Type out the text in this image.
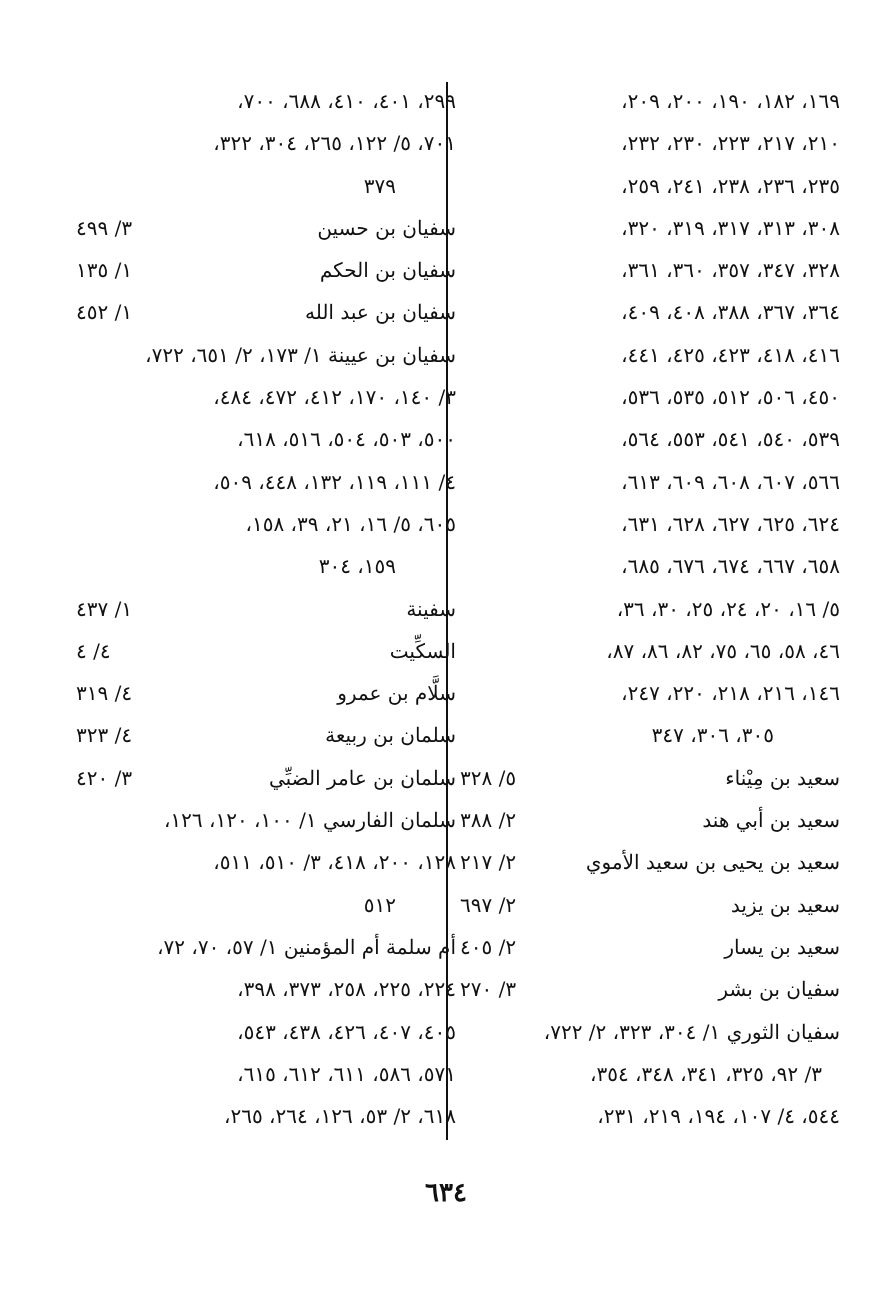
١٦٩، ١٨٢، ١٩٠، ٢٠٠، ٢٠٩،
٢١٠، ٢١٧، ٢٢٣، ٢٣٠، ٢٣٢،
٢٣٥، ٢٣٦، ٢٣٨، ٢٤١، ٢٥٩،
٣٠٨، ٣١٣، ٣١٧، ٣١٩، ٣٢٠،
٣٢٨، ٣٤٧، ٣٥٧، ٣٦٠، ٣٦١،
٣٦٤، ٣٦٧، ٣٨٨، ٤٠٨، ٤٠٩،
٤١٦، ٤١٨، ٤٢٣، ٤٢٥، ٤٤١،
٤٥٠، ٥٠٦، ٥١٢، ٥٣٥، ٥٣٦،
٥٣٩، ٥٤٠، ٥٤١، ٥٥٣، ٥٦٤،
٥٦٦، ٦٠٧، ٦٠٨، ٦٠٩، ٦١٣،
٦٢٤، ٦٢٥، ٦٢٧، ٦٢٨، ٦٣١،
٦٥٨، ٦٦٧، ٦٧٤، ٦٧٦، ٦٨٥،
٥/ ١٦، ٢٠، ٢٤، ٢٥، ٣٠، ٣٦،
٤٦، ٥٨، ٦٥، ٧٥، ٨٢، ٨٦، ٨٧،
١٤٦، ٢١٦، ٢١٨، ٢٢٠، ٢٤٧،
٣٠٥، ٣٠٦، ٣٤٧
سعيد بن مِيْناء
٥/ ٣٢٨
سعيد بن أبي هند
٢/ ٣٨٨
سعيد بن يحيى بن سعيد الأموي
٢/ ٢١٧
سعيد بن يزيد
٢/ ٦٩٧
سعيد بن يسار
٢/ ٤٠٥
سفيان بن بشر
٣/ ٢٧٠
سفيان الثوري ١/ ٣٠٤، ٣٢٣، ٢/ ٧٢٢،
٣/ ٩٢، ٣٢٥، ٣٤١، ٣٤٨، ٣٥٤،
٥٤٤، ٤/ ١٠٧، ١٩٤، ٢١٩، ٢٣١،
٢٩٩، ٤٠١، ٤١٠، ٦٨٨، ٧٠٠،
٧٠١، ٥/ ١٢٢، ٢٦٥، ٣٠٤، ٣٢٢،
٣٧٩
سفيان بن حسين
٣/ ٤٩٩
سفيان بن الحكم
١/ ١٣٥
سفيان بن عبد الله
١/ ٤٥٢
سفيان بن عيينة ١/ ١٧٣، ٢/ ٦٥١، ٧٢٢،
٣/ ١٤٠، ١٧٠، ٤١٢، ٤٧٢، ٤٨٤،
٥٠٠، ٥٠٣، ٥٠٤، ٥١٦، ٦١٨،
٤/ ١١١، ١١٩، ١٣٢، ٤٤٨، ٥٠٩،
٦٠٥، ٥/ ١٦، ٢١، ٣٩، ١٥٨،
١٥٩، ٣٠٤
سفينة
١/ ٤٣٧
السكِّيت
٤/ ٤
سلَّام بن عمرو
٤/ ٣١٩
سلمان بن ربيعة
٤/ ٣٢٣
سلمان بن عامر الضبِّي
٣/ ٤٢٠
سلمان الفارسي ١/ ١٠٠، ١٢٠، ١٢٦،
١٢٨، ٢٠٠، ٤١٨، ٣/ ٥١٠، ٥١١،
٥١٢
أم سلمة أم المؤمنين ١/ ٥٧، ٧٠، ٧٢،
٢٢٤، ٢٢٥، ٢٥٨، ٣٧٣، ٣٩٨،
٤٠٥، ٤٠٧، ٤٢٦، ٤٣٨، ٥٤٣،
٥٧١، ٥٨٦، ٦١١، ٦١٢، ٦١٥،
٦١٨، ٢/ ٥٣، ١٢٦، ٢٦٤، ٢٦٥،
٦٣٤
